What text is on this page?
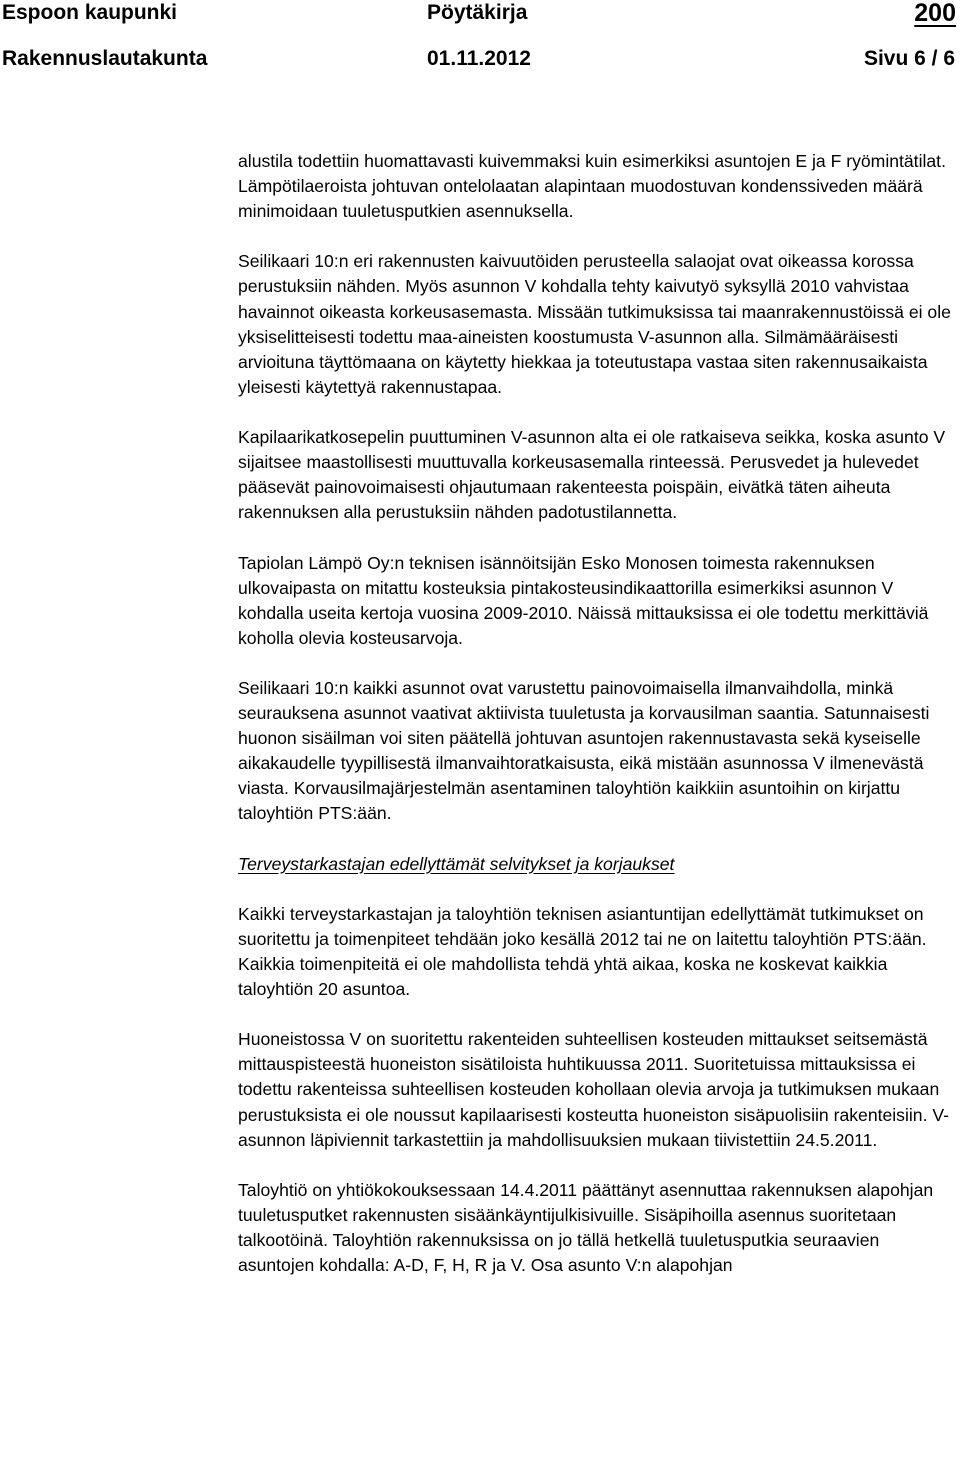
Espoon kaupunki	Pöytäkirja	200
Rakennuslautakunta	01.11.2012	Sivu 6 / 6

alustila todettiin huomattavasti kuivemmaksi kuin esimerkiksi asuntojen E ja F ryömintätilat. Lämpötilaeroista johtuvan ontelolaatan alapintaan muodostuvan kondenssiveden määrä minimoidaan tuuletusputkien asennuksella.

Seilikaari 10:n eri rakennusten kaivuutöiden perusteella salaojat ovat oikeassa korossa perustuksiin nähden. Myös asunnon V kohdalla tehty kaivutyö syksyllä 2010 vahvistaa havainnot oikeasta korkeusasemasta. Missään tutkimuksissa tai maanrakennustöissä ei ole yksiselitteisesti todettu maa-aineisten koostumusta V-asunnon alla. Silmämääräisesti arvioituna täyttömaana on käytetty hiekkaa ja toteutustapa vastaa siten rakennusaikaista yleisesti käytettyä rakennustapaa.

Kapilaarikatkosepelin puuttuminen V-asunnon alta ei ole ratkaiseva seikka, koska asunto V sijaitsee maastollisesti muuttuvalla korkeusasemalla rinteessä. Perusvedet ja hulevedet pääsevät painovoimaisesti ohjautumaan rakenteesta poispäin, eivätkä täten aiheuta rakennuksen alla perustuksiin nähden padotustilannetta.

Tapiolan Lämpö Oy:n teknisen isännöitsijän Esko Monosen toimesta rakennuksen ulkovaipasta on mitattu kosteuksia pintakosteusindikaattorilla esimerkiksi asunnon V kohdalla useita kertoja vuosina 2009-2010. Näissä mittauksissa ei ole todettu merkittäviä koholla olevia kosteusarvoja.

Seilikaari 10:n kaikki asunnot ovat varustettu painovoimaisella ilmanvaihdolla, minkä seurauksena asunnot vaativat aktiivista tuuletusta ja korvausilman saantia. Satunnaisesti huonon sisäilman voi siten päätellä johtuvan asuntojen rakennustavasta sekä kyseiselle aikakaudelle tyypillisestä ilmanvaihtoratkaisusta, eikä mistään asunnossa V ilmenevästä viasta. Korvausilmajärjestelmän asentaminen taloyhtiön kaikkiin asuntoihin on kirjattu taloyhtiön PTS:ään.

Terveystarkastajan edellyttämät selvitykset ja korjaukset

Kaikki terveystarkastajan ja taloyhtiön teknisen asiantuntijan edellyttämät tutkimukset on suoritettu ja toimenpiteet tehdään joko kesällä 2012 tai ne on laitettu taloyhtiön PTS:ään. Kaikkia toimenpiteitä ei ole mahdollista tehdä yhtä aikaa, koska ne koskevat kaikkia taloyhtiön 20 asuntoa.

Huoneistossa V on suoritettu rakenteiden suhteellisen kosteuden mittaukset seitsemästä mittauspisteestä huoneiston sisätiloista huhtikuussa 2011. Suoritetuissa mittauksissa ei todettu rakenteissa suhteellisen kosteuden kohollaan olevia arvoja ja tutkimuksen mukaan perustuksista ei ole noussut kapilaarisesti kosteutta huoneiston sisäpuolisiin rakenteisiin. V-asunnon läpiviennit tarkastettiin ja mahdollisuuksien mukaan tiivistettiin 24.5.2011.

Taloyhtiö on yhtiökokouksessaan 14.4.2011 päättänyt asennuttaa rakennuksen alapohjan tuuletusputket rakennusten sisäänkäyntijulkisivuille. Sisäpihoilla asennus suoritetaan talkootöinä. Taloyhtiön rakennuksissa on jo tällä hetkellä tuuletusputkia seuraavien asuntojen kohdalla: A-D, F, H, R ja V. Osa asunto V:n alapohjan
